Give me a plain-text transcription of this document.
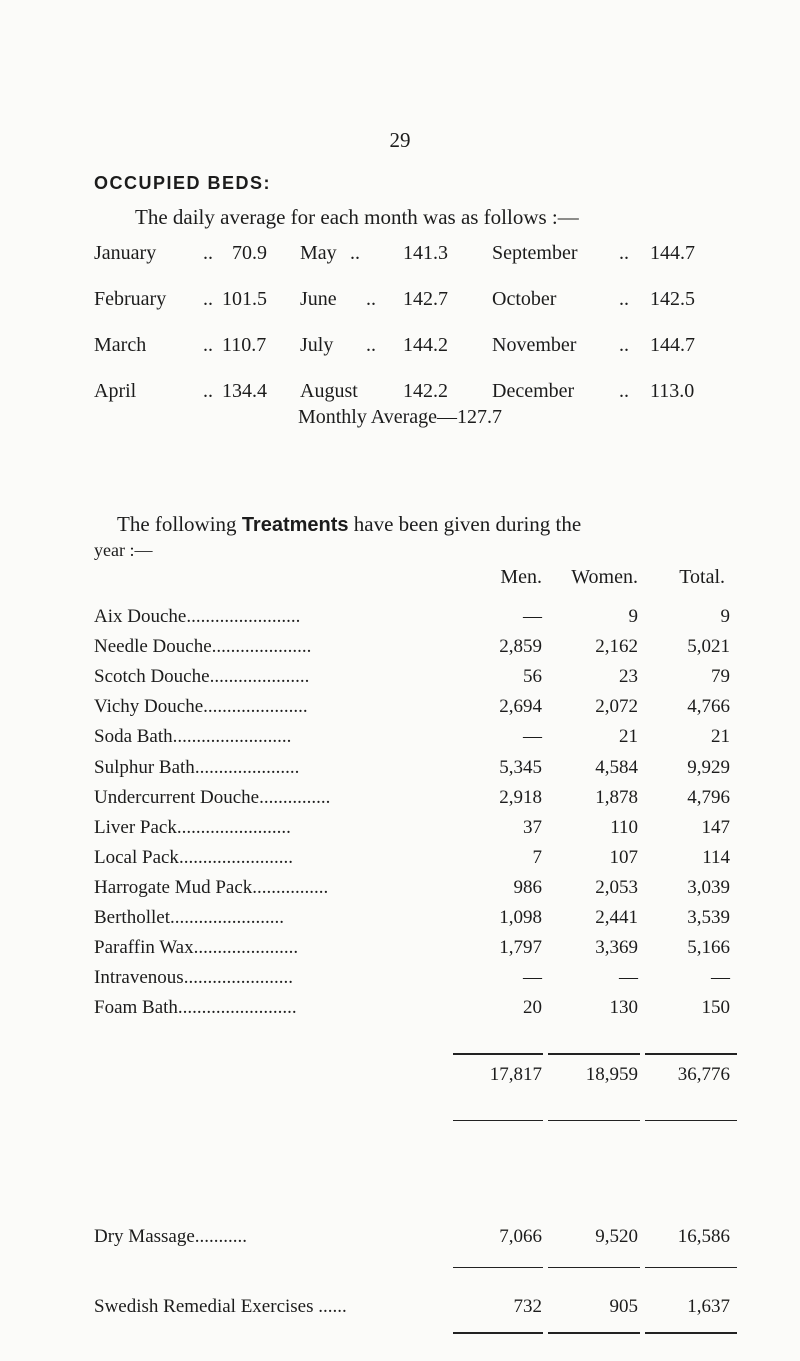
29
OCCUPIED BEDS:
The daily average for each month was as follows :—
January .. 70.9 May .. 141.3 September .. 144.7
February .. 101.5 June .. 142.7 October	.. 142.5
March	.. 110.7 July .. 144.2 November .. 144.7
April	.. 134.4 August 142.2 December .. 113.0
Monthly Average—127.7
The following Treatments have been given during the
year :—
Men.	Women.	Total.
Aix Douche........................	—	9	9
Needle Douche.....................	2,859	2,162	5,021
Scotch Douche.....................	56	23	79
Vichy Douche......................	2,694	2,072	4,766
Soda Bath.........................	—	21	21
Sulphur Bath......................	5,345	4,584	9,929
Undercurrent Douche...............	2,918	1,878	4,796
Liver Pack........................	37	110	147
Local Pack........................	7	107	114
Harrogate Mud Pack................	986	2,053	3,039
Berthollet........................	1,098	2,441	3,539
Paraffin Wax......................	1,797	3,369	5,166
Intravenous.......................	—	—	—
Foam Bath.........................	20	130	150
17,817	18,959	36,776
Dry Massage...........	7,066	9,520	16,586
Swedish Remedial Exercises ......	732	905	1,637
